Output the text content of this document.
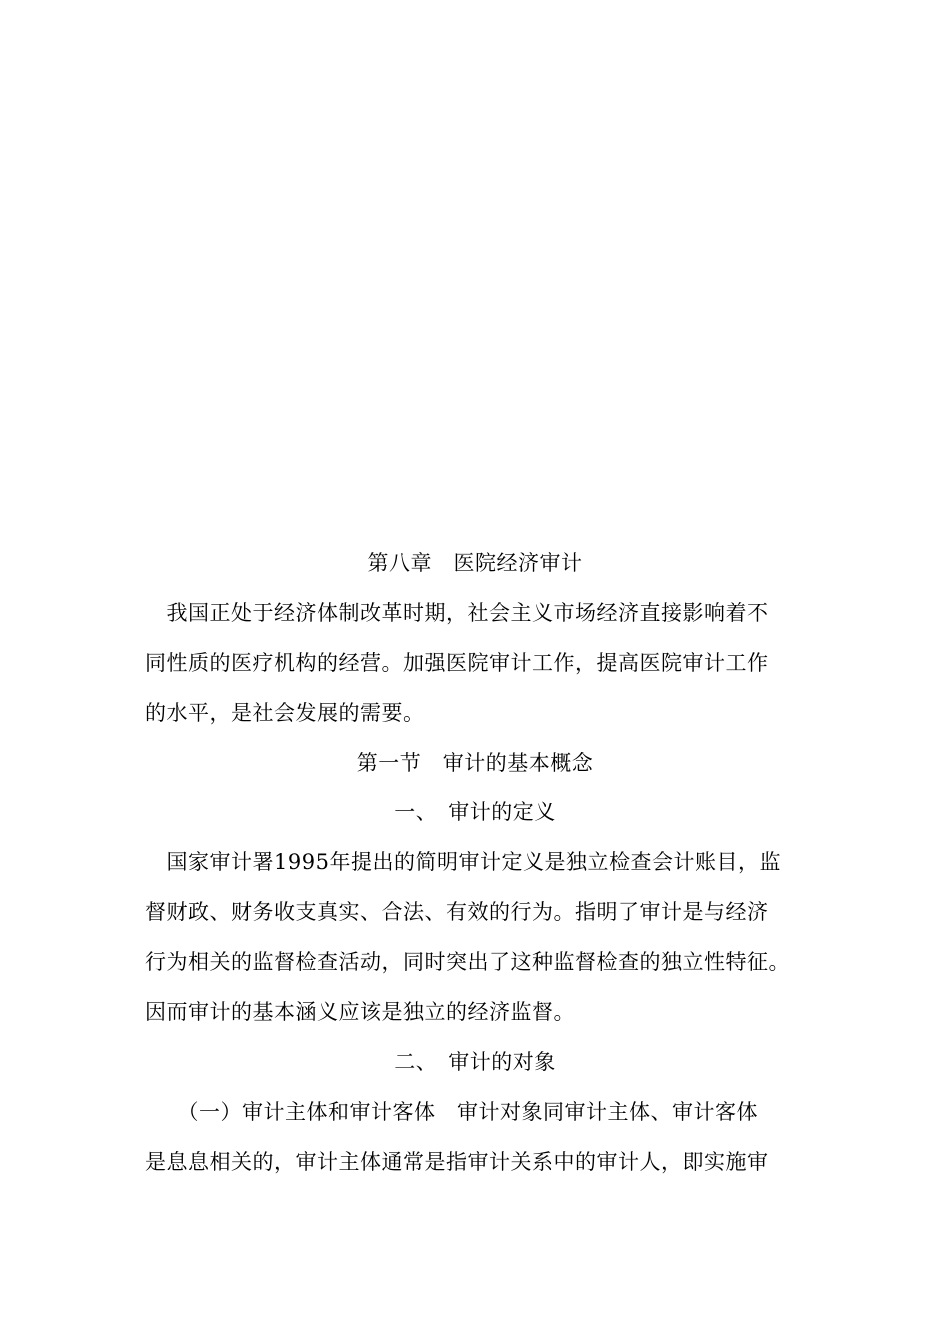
第八章　医院经济审计
　我国正处于经济体制改革时期，社会主义市场经济直接影响着不
同性质的医疗机构的经营。加强医院审计工作，提高医院审计工作
的水平，是社会发展的需要。
第一节　审计的基本概念
一、　审计的定义
　国家审计署1995年提出的简明审计定义是独立检查会计账目，监
督财政、财务收支真实、合法、有效的行为。指明了审计是与经济
行为相关的监督检查活动，同时突出了这种监督检查的独立性特征。
因而审计的基本涵义应该是独立的经济监督。
二、　审计的对象
　　（一）审计主体和审计客体　审计对象同审计主体、审计客体
是息息相关的，审计主体通常是指审计关系中的审计人，即实施审
